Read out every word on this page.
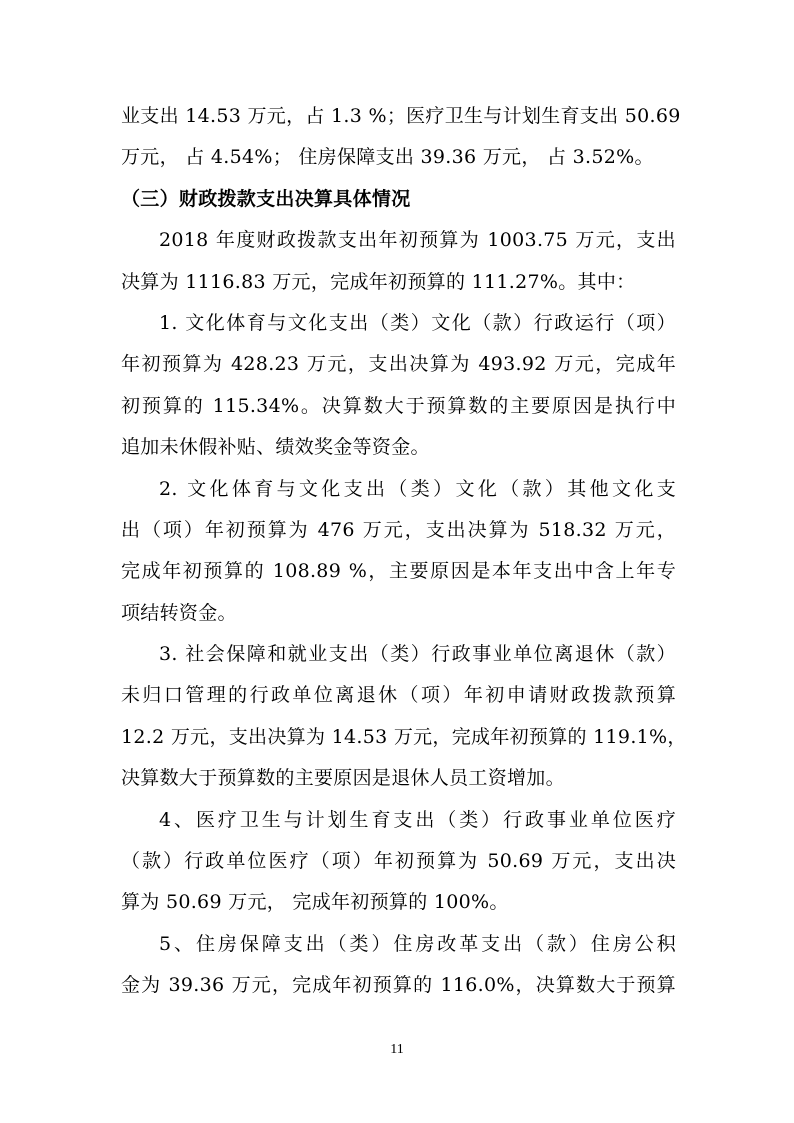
业支出 14.53 万元，占 1.3 %；医疗卫生与计划生育支出 50.69
万元， 占 4.54%； 住房保障支出 39.36 万元， 占 3.52%。
（三）财政拨款支出决算具体情况
2018 年度财政拨款支出年初预算为 1003.75 万元，支出
决算为 1116.83 万元，完成年初预算的 111.27%。其中：
1. 文化体育与文化支出（类）文化（款）行政运行（项）
年初预算为 428.23 万元，支出决算为 493.92 万元，完成年
初预算的 115.34%。决算数大于预算数的主要原因是执行中
追加未休假补贴、绩效奖金等资金。
2. 文化体育与文化支出（类）文化（款）其他文化支
出（项）年初预算为 476 万元，支出决算为 518.32 万元，
完成年初预算的 108.89 %，主要原因是本年支出中含上年专
项结转资金。
3. 社会保障和就业支出（类）行政事业单位离退休（款）
未归口管理的行政单位离退休（项）年初申请财政拨款预算
12.2 万元，支出决算为 14.53 万元，完成年初预算的 119.1%，
决算数大于预算数的主要原因是退休人员工资增加。
4、医疗卫生与计划生育支出（类）行政事业单位医疗
（款）行政单位医疗（项）年初预算为 50.69 万元，支出决
算为 50.69 万元， 完成年初预算的 100%。
5、住房保障支出（类）住房改革支出（款）住房公积
金为 39.36 万元，完成年初预算的 116.0%，决算数大于预算
11
